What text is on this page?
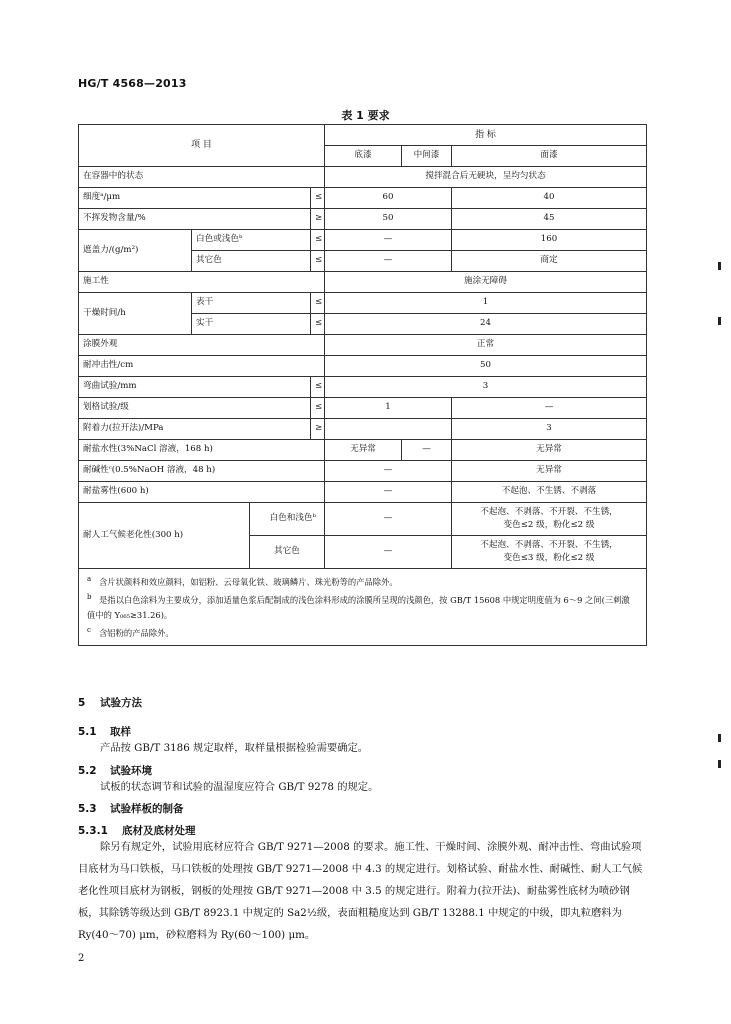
HG/T 4568—2013
表 1 要求
项 目				指 标		
				底漆	中间漆	面漆
在容器中的状态				搅拌混合后无硬块，呈均匀状态		
细度ᵃ/μm			≤	60		40
不挥发物含量/%			≥	50		45
遮盖力/(g/m²)	白色或浅色ᵇ		≤	—		160
	其它色		≤	—		商定
施工性				施涂无障碍		
干燥时间/h	表干		≤	1		
	实干		≤	24		
涂膜外观				正常		
耐冲击性/cm				50		
弯曲试验/mm			≤	3		
划格试验/级			≤	1		—
附着力(拉开法)/MPa			≥			3
耐盐水性(3%NaCl 溶液，168 h)				无异常	—	无异常
耐碱性ᶜ(0.5%NaOH 溶液，48 h)				—		无异常
耐盐雾性(600 h)				—		不起泡、不生锈、不剥落
耐人工气候老化性(300 h)		白色和浅色ᵇ		—		不起泡、不剥落、不开裂、不生锈，
变色≤2 级，粉化≤2 级

		其它色		—		不起泡、不剥落、不开裂、不生锈，
变色≤3 级，粉化≤2 级

a 含片状颜料和效应颜料，如铝粉、云母氧化铁、玻璃鳞片、珠光粉等的产品除外。
b 是指以白色涂料为主要成分，添加适量色浆后配制成的浅色涂料形成的涂膜所呈现的浅颜色，按 GB/T 15608 中规定明度值为 6～9 之间(三刺激值中的 Y₀₆₅≥31.26)。
c 含铝粉的产品除外。						
5 试验方法
5.1 取样
产品按 GB/T 3186 规定取样，取样量根据检验需要确定。
5.2 试验环境
试板的状态调节和试验的温湿度应符合 GB/T 9278 的规定。
5.3 试验样板的制备
5.3.1 底材及底材处理
除另有规定外，试验用底材应符合 GB/T 9271—2008 的要求。施工性、干燥时间、涂膜外观、耐冲击性、弯曲试验项目底材为马口铁板，马口铁板的处理按 GB/T 9271—2008 中 4.3 的规定进行。划格试验、耐盐水性、耐碱性、耐人工气候老化性项目底材为钢板，钢板的处理按 GB/T 9271—2008 中 3.5 的规定进行。附着力(拉开法)、耐盐雾性底材为喷砂钢板，其除锈等级达到 GB/T 8923.1 中规定的 Sa2½级，表面粗糙度达到 GB/T 13288.1 中规定的中级，即丸粒磨料为 Ry(40～70) μm，砂粒磨料为 Ry(60～100) μm。
2
